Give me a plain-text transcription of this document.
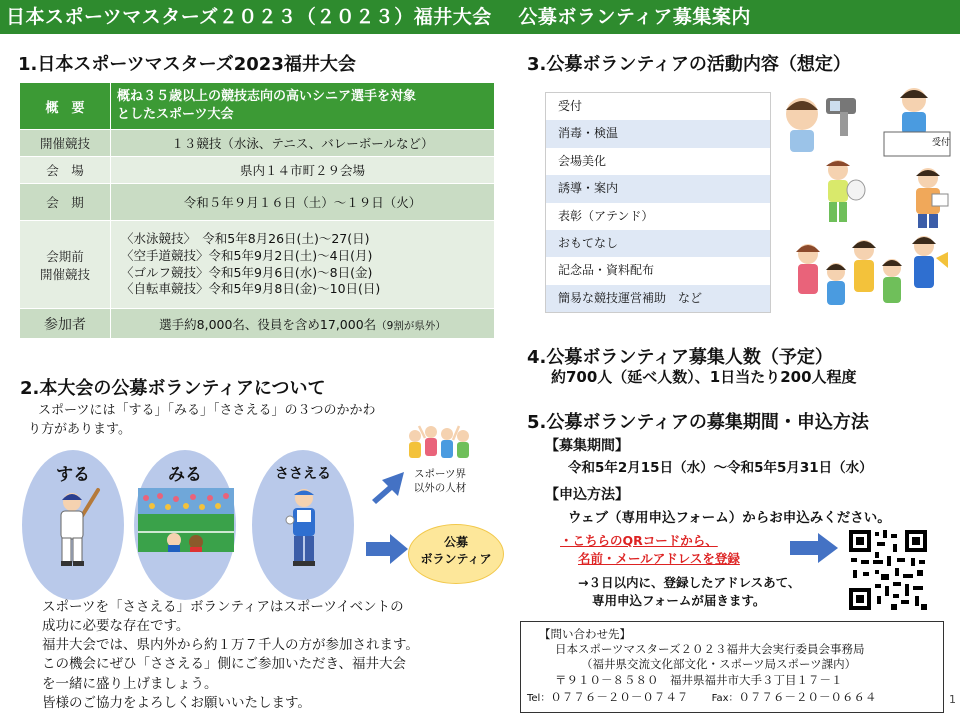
日本スポーツマスターズ２０２３（２０２３）福井大会　 公募ボランティア募集案内
1.日本スポーツマスターズ2023福井大会
概　要	概ね３５歳以上の競技志向の高いシニア選手を対象
としたスポーツ大会

開催競技	１３競技（水泳、テニス、バレーボールなど）
会　場	県内１４市町２９会場
会　期	令和５年９月１６日（土）～１９日（火）

会期前
開催競技	〈水泳競技〉　令和5年8月26日(土)～27(日)
〈空手道競技〉令和5年9月2日(土)～4日(月)
〈ゴルフ競技〉令和5年9月6日(水)～8日(金)
〈自転車競技〉令和5年9月8日(金)～10日(日)

参加者	選手約8,000名、役員を含め17,000名（9割が県外）
2.本大会の公募ボランティアについて
スポーツには「する」「みる」「ささえる」の３つのかかわ
り方があります。
する	みる	ささえる	スポーツ界
以外の人材
公募
ボランティア
スポーツを「ささえる」ボランティアはスポーツイベントの
成功に必要な存在です。
福井大会では、県内外から約１万７千人の方が参加されます。
この機会にぜひ「ささえる」側にご参加いただき、福井大会
を一緒に盛り上げましょう。
皆様のご協力をよろしくお願いいたします。
3.公募ボランティアの活動内容（想定）
受付
消毒・検温
会場美化
誘導・案内
表彰（アテンド）
おもてなし
記念品・資料配布
簡易な競技運営補助　など
受付
4.公募ボランティア募集人数（予定）
約700人（延べ人数）、1日当たり200人程度
5.公募ボランティアの募集期間・申込方法
【募集期間】
令和5年2月15日（水）～令和5年5月31日（水）
【申込方法】
ウェブ（専用申込フォーム）からお申込みください。
・こちらのQRコードから、
名前・メールアドレスを登録
→３日以内に、登録したアドレスあて、
専用申込フォームが届きます。
【問い合わせ先】
日本スポーツマスターズ２０２３福井大会実行委員会事務局
（福井県交流文化部文化・スポーツ局スポーツ課内）
〒９１０－８５８０　福井県福井市大手３丁目１７－１
Tel：０７７６－２０－０７４７ Fax：０７７６－２０－０６６４	1
